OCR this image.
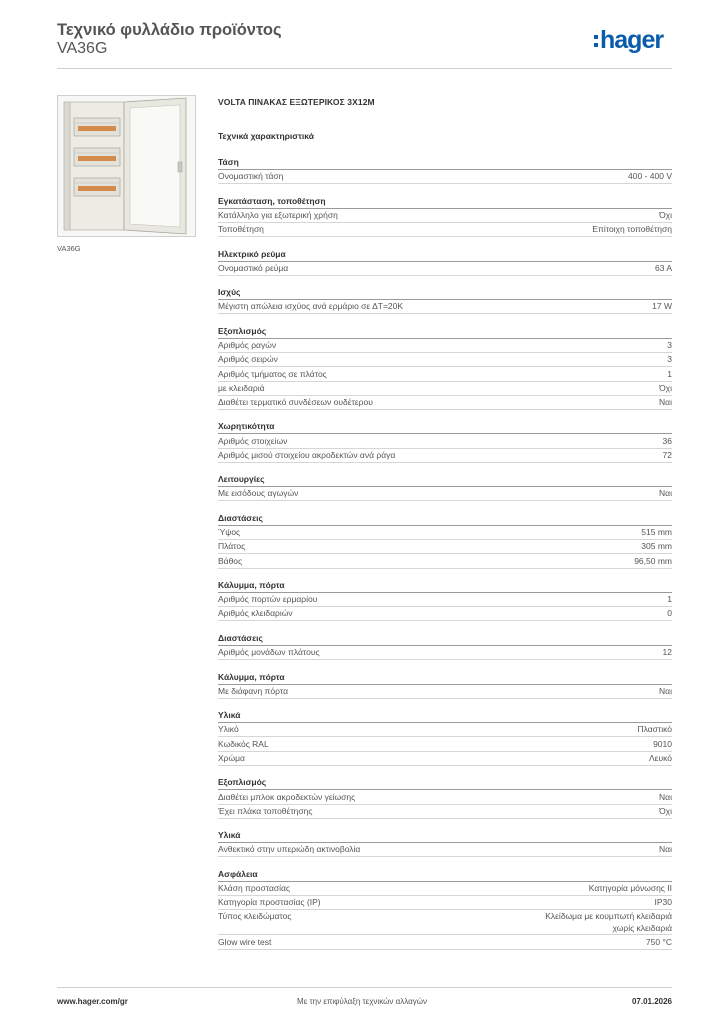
Τεχνικό φυλλάδιο προϊόντος
VA36G	hager
VA36G
VOLTA ΠΙΝΑΚΑΣ ΕΞΩΤΕΡΙΚΟΣ 3X12M
Τεχνικά χαρακτηριστικά
Τάση
Ονομαστική τάση	400 - 400 V
Εγκατάσταση, τοποθέτηση
Κατάλληλο για εξωτερική χρήση	Όχι
Τοποθέτηση	Επίτοιχη τοποθέτηση
Ηλεκτρικό ρεύμα
Ονομαστικό ρεύμα	63 A
Ισχύς
Μέγιστη απώλεια ισχύος ανά ερμάριο σε ΔT=20K	17 W
Εξοπλισμός
Αριθμός ραγών	3
Αριθμός σειρών	3
Αριθμός τμήματος σε πλάτος	1
με κλειδαριά	Όχι
Διαθέτει τερματικό συνδέσεων ουδέτερου	Ναι
Χωρητικότητα
Αριθμός στοιχείων	36
Αριθμός μισού στοιχείου ακροδεκτών ανά ράγα	72
Λειτουργίες
Με εισόδους αγωγών	Ναι
Διαστάσεις
Ύψος	515 mm
Πλάτος	305 mm
Βάθος	96,50 mm
Κάλυμμα, πόρτα
Αριθμός πορτών ερμαρίου	1
Αριθμός κλειδαριών	0
Διαστάσεις
Αριθμός μονάδων πλάτους	12
Κάλυμμα, πόρτα
Με διάφανη πόρτα	Ναι
Υλικά
Υλικό	Πλαστικό
Κωδικός RAL	9010
Χρώμα	Λευκό
Εξοπλισμός
Διαθέτει μπλοκ ακροδεκτών γείωσης	Ναι
Έχει πλάκα τοποθέτησης	Όχι
Υλικά
Ανθεκτικό στην υπεριώδη ακτινοβολία	Ναι
Ασφάλεια
Κλάση προστασίας	Κατηγορία μόνωσης II
Κατηγορία προστασίας (IP)	IP30
Τύπος κλειδώματος	Κλείδωμα με κουμπωτή κλειδαριά
χωρίς κλειδαριά
Glow wire test	750 °C
www.hager.com/gr	Με την επιφύλαξη τεχνικών αλλαγών	07.01.2026
